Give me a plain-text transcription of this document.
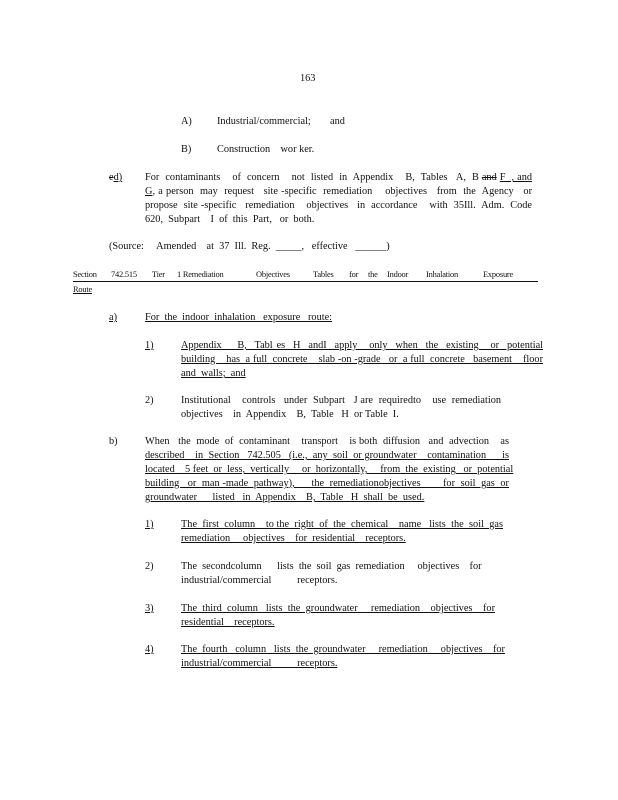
163
A) Industrial/commercial; and
B) Construction    wor ker.
ed) For  contaminants    of  concern    not  listed  in  Appendix    B,  Tables   A,  B and F  , and
G, a person  may  request   site -specific  remediation    objectives   from  the  Agency   or
propose  site -specific   remediation    objectives   in  accordance    with  35Ill.  Adm.  Code
620,  Subpart    I  of  this  Part,   or  both.
(Source:     Amended    at  37  Ill.  Reg.  _____,   effective   ______)
Section 742.515 Tier 1 Remediation	Objectives	Tables for the Indoor Inhalation	Exposure
Route
a)	For  the  indoor  inhalation   exposure   route:
1)	Appendix    B,  Tabl es  H  andI  apply   only  when  the  existing   or  potential
building    has  a full  concrete    slab -on -grade   or  a full  concrete   basement    floor
and  walls;  and
2)	Institutional    controls   under  Subpart   J are  requiredto    use  remediation
objectives    in  Appendix    B,  Table   H  or Table  I.
b)	When   the  mode  of  contaminant    transport    is both  diffusion   and  advection    as
described    in  Section   742.505   (i.e.,  any  soil  or groundwater    contamination      is
located    5 feet  or  less,  vertically     or  horizontally,     from  the  existing   or  potential
building   or  man -made  pathway),      the  remediationobjectives        for  soil  gas  or
groundwater      listed   in  Appendix    B,  Table   H  shall  be  used.
1)	The  first  column    to the  right  of  the  chemical    name   lists  the  soil  gas
remediation     objectives    for  residential    receptors.
2)	The  secondcolumn      lists  the  soil  gas  remediation     objectives    for
industrial/commercial          receptors.
3)	The  third  column   lists  the  groundwater     remediation    objectives    for
residential    receptors.
4)	The  fourth   column   lists  the  groundwater     remediation     objectives    for
industrial/commercial          receptors.
